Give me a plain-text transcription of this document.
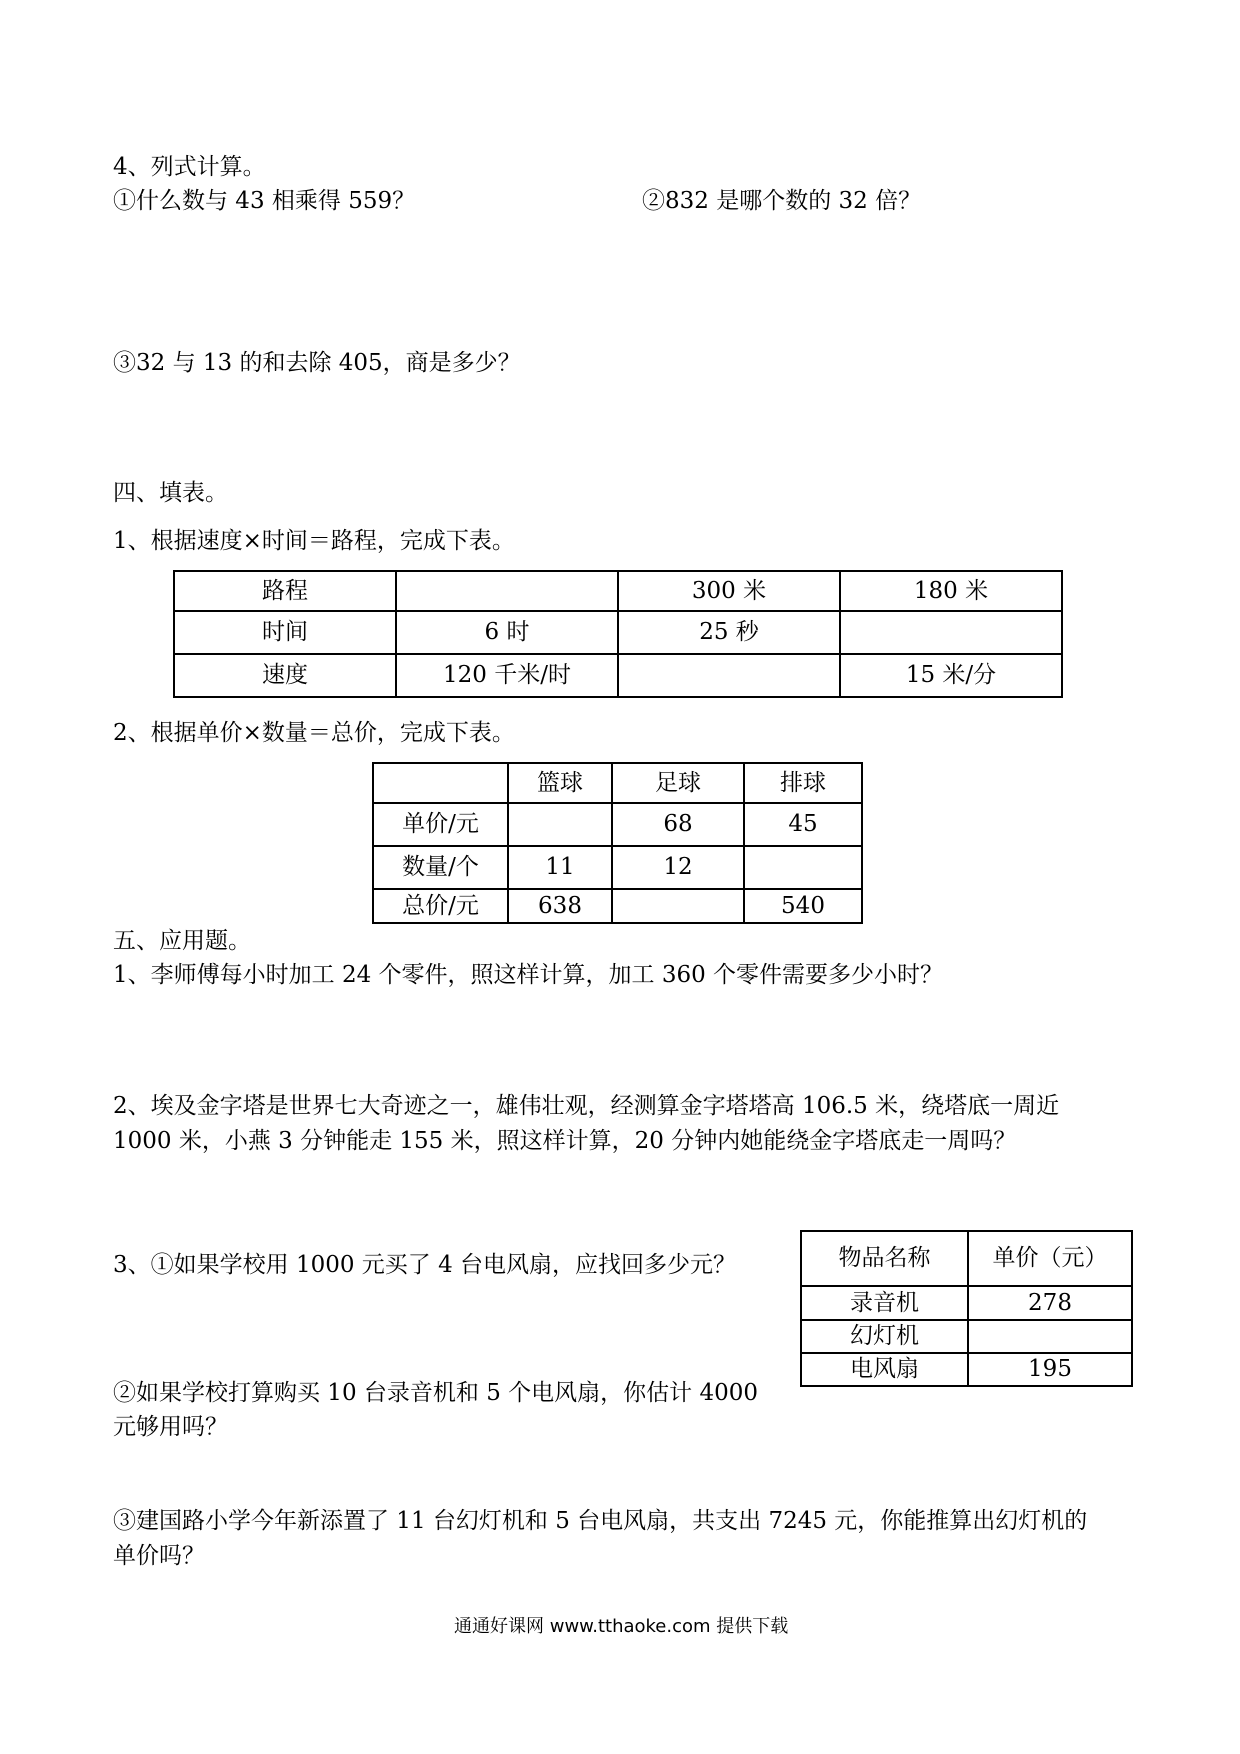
4、列式计算。
①什么数与 43 相乘得 559？	②832 是哪个数的 32 倍？
③32 与 13 的和去除 405，商是多少？
四、填表。
1、根据速度×时间＝路程，完成下表。
路程		300 米	180 米
时间	6 时	25 秒	
速度	120 千米/时		15 米/分
2、根据单价×数量＝总价，完成下表。
	篮球	足球	排球
单价/元		68	45
数量/个	11	12	
总价/元	638		540
五、应用题。
1、李师傅每小时加工 24 个零件，照这样计算，加工 360 个零件需要多少小时？
2、埃及金字塔是世界七大奇迹之一，雄伟壮观，经测算金字塔塔高 106.5 米，绕塔底一周近
1000 米，小燕 3 分钟能走 155 米，照这样计算，20 分钟内她能绕金字塔底走一周吗？
3、①如果学校用 1000 元买了 4 台电风扇，应找回多少元？	物品名称	单价（元）
录音机	278
幻灯机	
电风扇	195
②如果学校打算购买 10 台录音机和 5 个电风扇，你估计 4000
元够用吗？
③建国路小学今年新添置了 11 台幻灯机和 5 台电风扇，共支出 7245 元，你能推算出幻灯机的
单价吗？
通通好课网 www.tthaoke.com 提供下载
